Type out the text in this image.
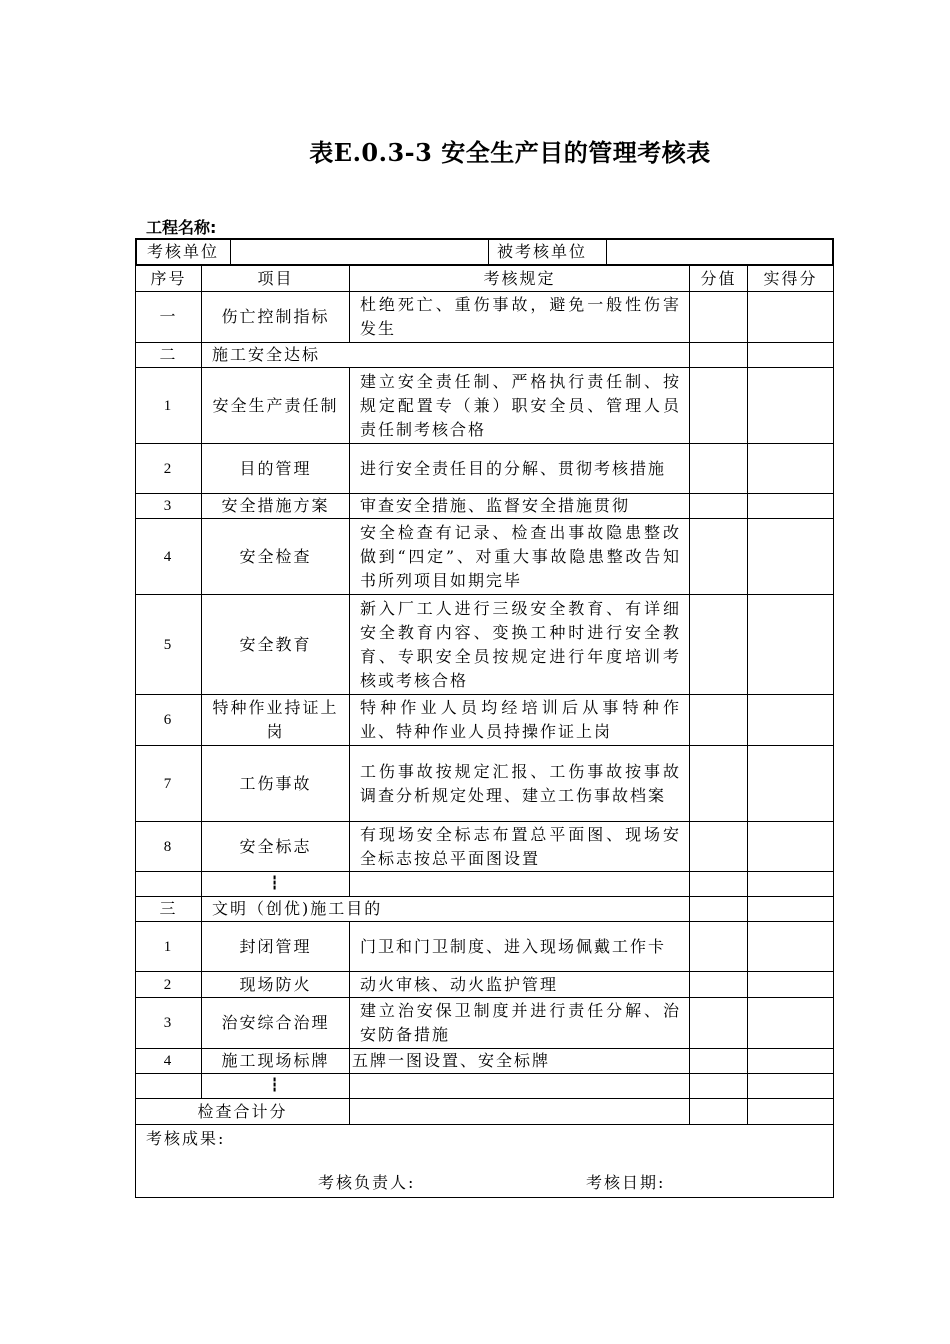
表E.0.3-3 安全生产目的管理考核表
工程名称:
考核单位		被考核单位	

序号	项目	考核规定	分值	实得分
一	伤亡控制指标	杜绝死亡、重伤事故，避免一般性伤害发生		
二	施工安全达标		
1	安全生产责任制	建立安全责任制、严格执行责任制、按规定配置专（兼）职安全员、管理人员责任制考核合格		
2	目的管理	进行安全责任目的分解、贯彻考核措施		
3	安全措施方案	审查安全措施、监督安全措施贯彻		
4	安全检查	安全检查有记录、检查出事故隐患整改做到“四定”、对重大事故隐患整改告知书所列项目如期完毕		
5	安全教育	新入厂工人进行三级安全教育、有详细安全教育内容、变换工种时进行安全教育、专职安全员按规定进行年度培训考核或考核合格		
6	特种作业持证上岗	特种作业人员均经培训后从事特种作业、特种作业人员持操作证上岗		
7	工伤事故	工伤事故按规定汇报、工伤事故按事故调查分析规定处理、建立工伤事故档案		
8	安全标志	有现场安全标志布置总平面图、现场安全标志按总平面图设置		
	┇			
三	文明（创优)施工目的		
1	封闭管理	门卫和门卫制度、进入现场佩戴工作卡		
2	现场防火	动火审核、动火监护管理		
3	治安综合治理	建立治安保卫制度并进行责任分解、治安防备措施		
4	施工现场标牌	五牌一图设置、安全标牌		
	┇			
检查合计分			

考核成果:
考核负责人:	考核日期:
